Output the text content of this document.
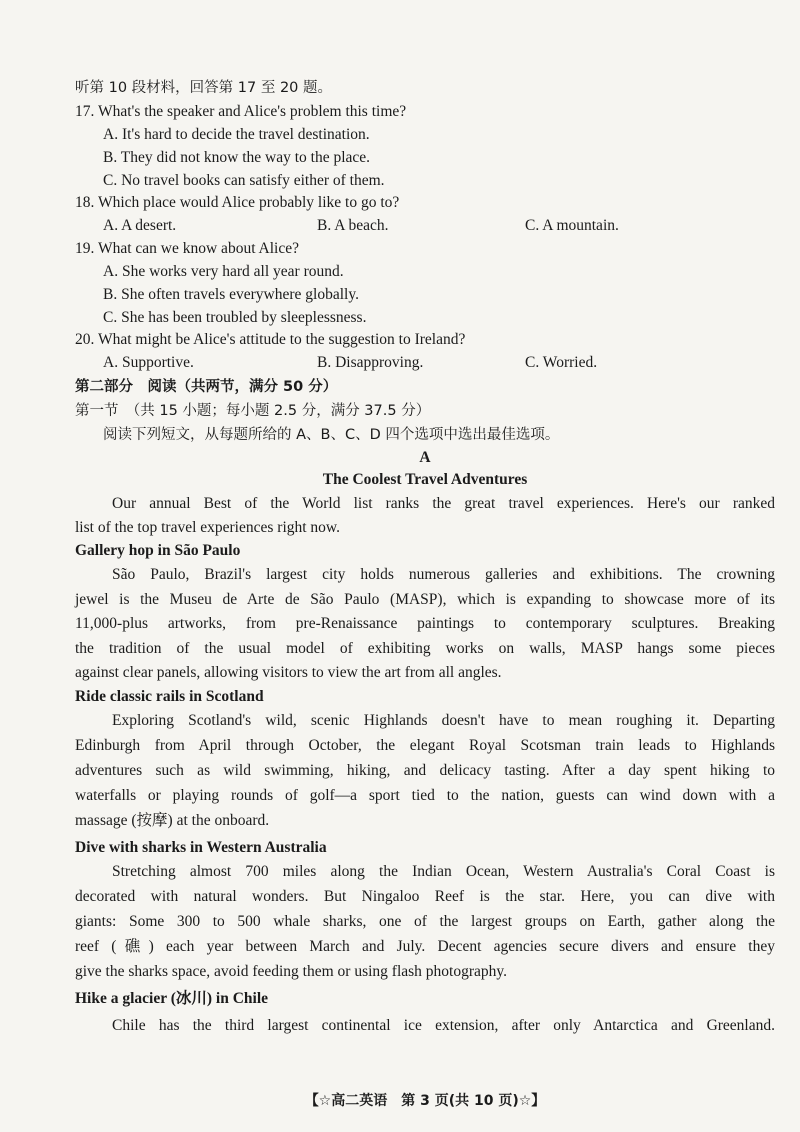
听第 10 段材料，回答第 17 至 20 题。
17. What's the speaker and Alice's problem this time?
A. It's hard to decide the travel destination.
B. They did not know the way to the place.
C. No travel books can satisfy either of them.
18. Which place would Alice probably like to go to?
A. A desert.	B. A beach.	C. A mountain.
19. What can we know about Alice?
A. She works very hard all year round.
B. She often travels everywhere globally.
C. She has been troubled by sleeplessness.
20. What might be Alice's attitude to the suggestion to Ireland?
A. Supportive.	B. Disapproving.	C. Worried.
第二部分　阅读（共两节，满分 50 分）
第一节　（共 15 小题；每小题 2.5 分，满分 37.5 分）
阅读下列短文，从每题所给的 A、B、C、D 四个选项中选出最佳选项。
A
The Coolest Travel Adventures
Our annual Best of the World list ranks the great travel experiences. Here's our ranked
list of the top travel experiences right now.
Gallery hop in São Paulo
São Paulo, Brazil's largest city holds numerous galleries and exhibitions. The crowning
jewel is the Museu de Arte de São Paulo (MASP), which is expanding to showcase more of its
11,000-plus artworks, from pre-Renaissance paintings to contemporary sculptures. Breaking
the tradition of the usual model of exhibiting works on walls, MASP hangs some pieces
against clear panels, allowing visitors to view the art from all angles.
Ride classic rails in Scotland
Exploring Scotland's wild, scenic Highlands doesn't have to mean roughing it. Departing
Edinburgh from April through October, the elegant Royal Scotsman train leads to Highlands
adventures such as wild swimming, hiking, and delicacy tasting. After a day spent hiking to
waterfalls or playing rounds of golf—a sport tied to the nation, guests can wind down with a
massage (按摩) at the onboard.
Dive with sharks in Western Australia
Stretching almost 700 miles along the Indian Ocean, Western Australia's Coral Coast is
decorated with natural wonders. But Ningaloo Reef is the star. Here, you can dive with
giants: Some 300 to 500 whale sharks, one of the largest groups on Earth, gather along the
reef (礁) each year between March and July. Decent agencies secure divers and ensure they
give the sharks space, avoid feeding them or using flash photography.
Hike a glacier (冰川) in Chile
Chile has the third largest continental ice extension, after only Antarctica and Greenland.
【☆高二英语　第 3 页(共 10 页)☆】
